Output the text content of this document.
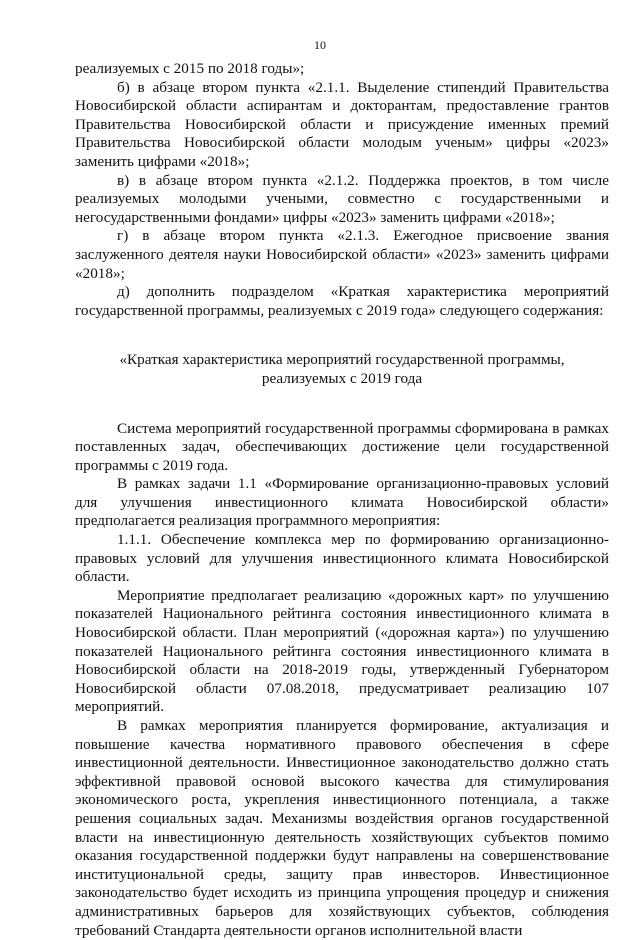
10

реализуемых с 2015 по 2018 годы»;

б) в абзаце втором пункта «2.1.1. Выделение стипендий Правительства Новосибирской области аспирантам и докторантам, предоставление грантов Правительства Новосибирской области и присуждение именных премий Правительства Новосибирской области молодым ученым» цифры «2023» заменить цифрами «2018»;

в) в абзаце втором пункта «2.1.2. Поддержка проектов, в том числе реализуемых молодыми учеными, совместно с государственными и негосударственными фондами» цифры «2023» заменить цифрами «2018»;

г) в абзаце втором пункта «2.1.3. Ежегодное присвоение звания заслуженного деятеля науки Новосибирской области» «2023» заменить цифрами «2018»;

д) дополнить подразделом «Краткая характеристика мероприятий государственной программы, реализуемых с 2019 года» следующего содержания:

«Краткая характеристика мероприятий государственной программы, реализуемых с 2019 года

Система мероприятий государственной программы сформирована в рамках поставленных задач, обеспечивающих достижение цели государственной программы с 2019 года.

В рамках задачи 1.1 «Формирование организационно-правовых условий для улучшения инвестиционного климата Новосибирской области» предполагается реализация программного мероприятия:

1.1.1. Обеспечение комплекса мер по формированию организационно-правовых условий для улучшения инвестиционного климата Новосибирской области.

Мероприятие предполагает реализацию «дорожных карт» по улучшению показателей Национального рейтинга состояния инвестиционного климата в Новосибирской области. План мероприятий («дорожная карта») по улучшению показателей Национального рейтинга состояния инвестиционного климата в Новосибирской области на 2018-2019 годы, утвержденный Губернатором Новосибирской области 07.08.2018, предусматривает реализацию 107 мероприятий.

В рамках мероприятия планируется формирование, актуализация и повышение качества нормативного правового обеспечения в сфере инвестиционной деятельности. Инвестиционное законодательство должно стать эффективной правовой основой высокого качества для стимулирования экономического роста, укрепления инвестиционного потенциала, а также решения социальных задач. Механизмы воздействия органов государственной власти на инвестиционную деятельность хозяйствующих субъектов помимо оказания государственной поддержки будут направлены на совершенствование институциональной среды, защиту прав инвесторов. Инвестиционное законодательство будет исходить из принципа упрощения процедур и снижения административных барьеров для хозяйствующих субъектов, соблюдения требований Стандарта деятельности органов исполнительной власти
